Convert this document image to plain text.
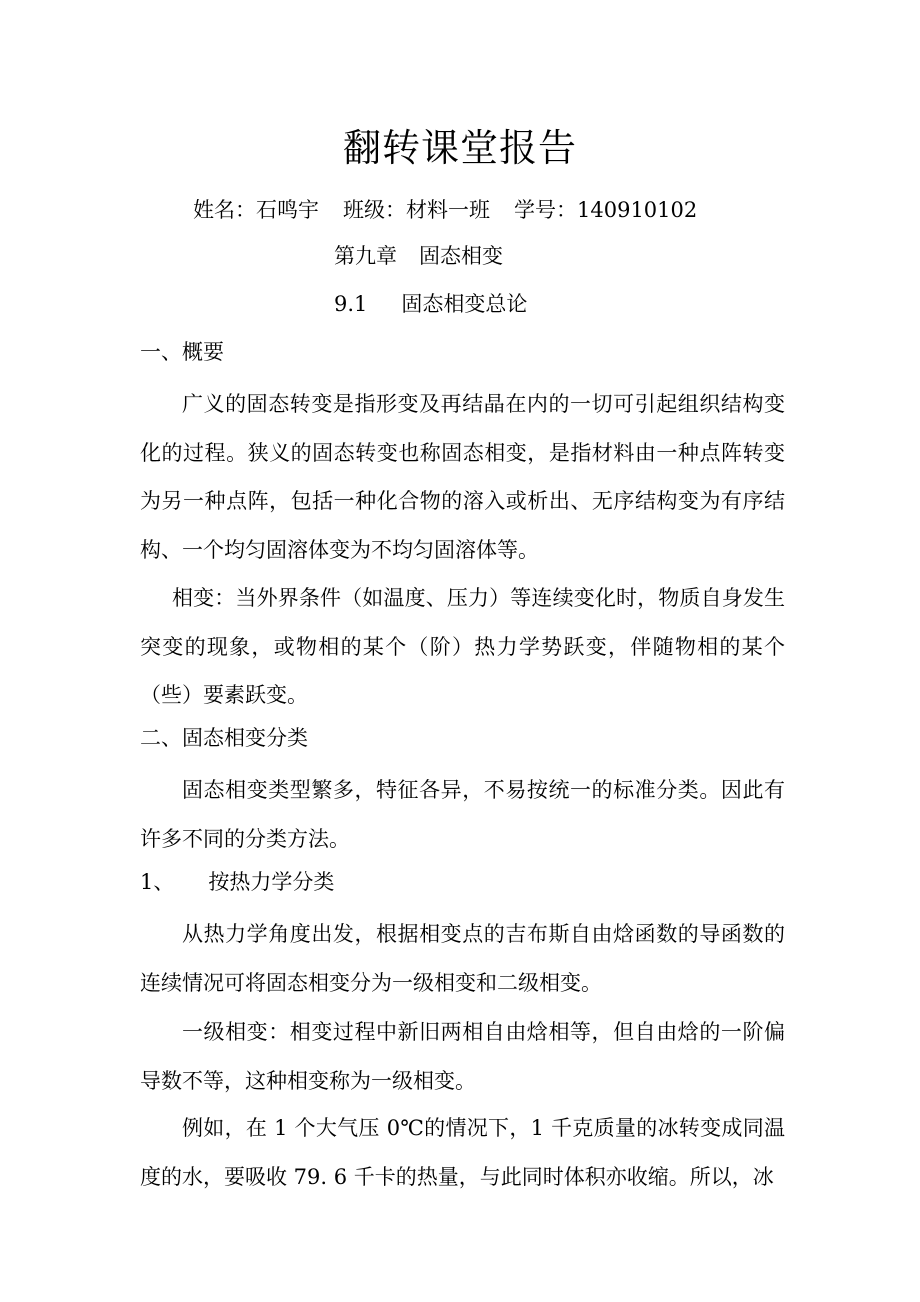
翻转课堂报告
姓名：石鸣宇 班级：材料一班 学号：140910102
第九章 固态相变
9.1 固态相变总论
一、概要
广义的固态转变是指形变及再结晶在内的一切可引起组织结构变化的过程。狭义的固态转变也称固态相变，是指材料由一种点阵转变为另一种点阵，包括一种化合物的溶入或析出、无序结构变为有序结构、一个均匀固溶体变为不均匀固溶体等。
相变：当外界条件（如温度、压力）等连续变化时，物质自身发生突变的现象，或物相的某个（阶）热力学势跃变，伴随物相的某个（些）要素跃变。
二、固态相变分类
固态相变类型繁多，特征各异，不易按统一的标准分类。因此有许多不同的分类方法。
1、 按热力学分类
从热力学角度出发，根据相变点的吉布斯自由焓函数的导函数的连续情况可将固态相变分为一级相变和二级相变。
一级相变：相变过程中新旧两相自由焓相等，但自由焓的一阶偏导数不等，这种相变称为一级相变。
例如，在 1 个大气压 0℃的情况下，1 千克质量的冰转变成同温度的水，要吸收 79. 6 千卡的热量，与此同时体积亦收缩。所以，冰
